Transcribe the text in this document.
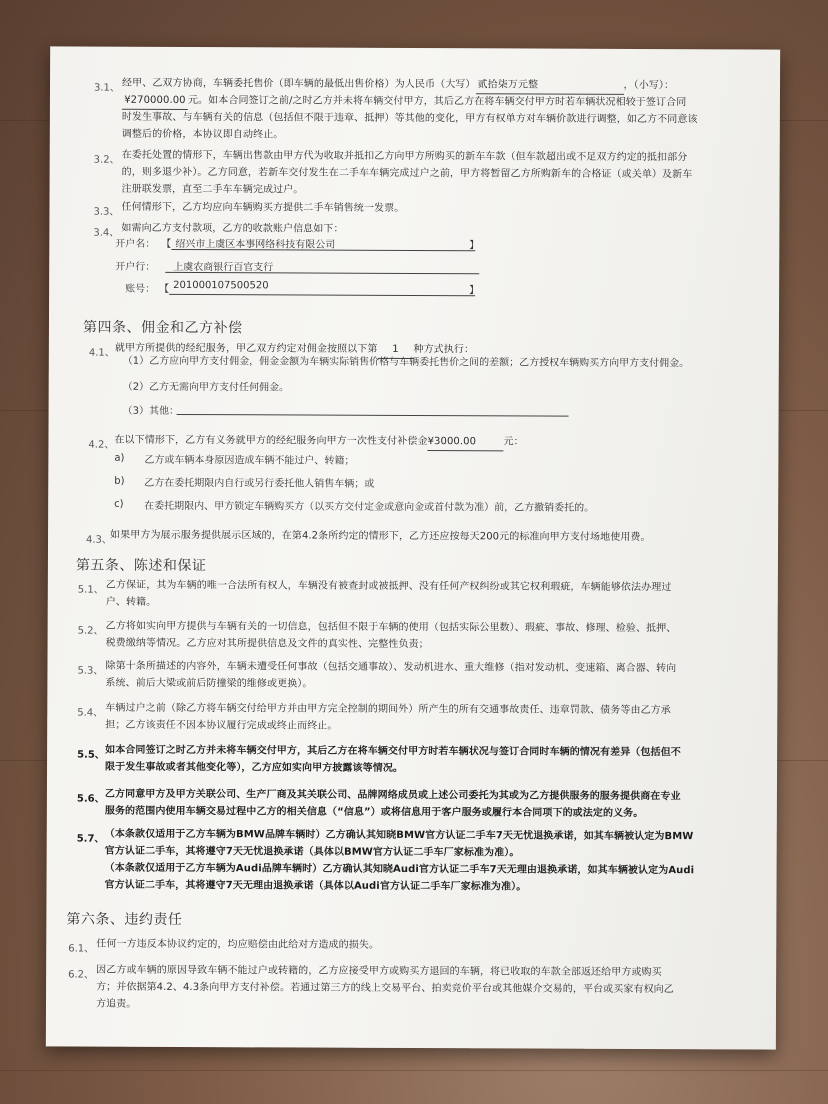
3.1、 经甲、乙双方协商，车辆委托售价（即车辆的最低出售价格）为人民币（大写） 贰拾柒万元整	，（小写）：
¥270000.00 元。如本合同签订之前/之时乙方并未将车辆交付甲方，其后乙方在将车辆交付甲方时若车辆状况相较于签订合同
时发生事故、与车辆有关的信息（包括但不限于违章、抵押）等其他的变化，甲方有权单方对车辆价款进行调整，如乙方不同意该
调整后的价格，本协议即自动终止。
3.2、 在委托处置的情形下，车辆出售款由甲方代为收取并抵扣乙方向甲方所购买的新车车款（但车款超出或不足双方约定的抵扣部分
的，则多退少补）。乙方同意，若新车交付发生在二手车车辆完成过户之前，甲方将暂留乙方所购新车的合格证（或关单）及新车
注册联发票，直至二手车车辆完成过户。
3.3、 任何情形下，乙方均应向车辆购买方提供二手车销售统一发票。
3.4、 如需向乙方支付款项，乙方的收款账户信息如下：
开户名： 【 绍兴市上虞区本事网络科技有限公司	】
开户行： 上虞农商银行百官支行
账号： 【 201000107500520	】
第四条、佣金和乙方补偿
4.1、 就甲方所提供的经纪服务，甲乙双方约定对佣金按照以下第 1 种方式执行：
（1）乙方应向甲方支付佣金，佣金金额为车辆实际销售价格与车辆委托售价之间的差额；乙方授权车辆购买方向甲方支付佣金。
（2）乙方无需向甲方支付任何佣金。
（3）其他：
4.2、 在以下情形下，乙方有义务就甲方的经纪服务向甲方一次性支付补偿金¥3000.00	元：
a) 乙方或车辆本身原因造成车辆不能过户、转籍；
b) 乙方在委托期限内自行或另行委托他人销售车辆；或
c) 在委托期限内、甲方锁定车辆购买方（以买方交付定金或意向金或首付款为准）前，乙方撤销委托的。
4.3、
如果甲方为展示服务提供展示区域的，在第4.2条所约定的情形下，乙方还应按每天200元的标准向甲方支付场地使用费。
第五条、陈述和保证
5.1、 乙方保证，其为车辆的唯一合法所有权人，车辆没有被查封或被抵押、没有任何产权纠纷或其它权利瑕疵，车辆能够依法办理过
户、转籍。
5.2、 乙方将如实向甲方提供与车辆有关的一切信息，包括但不限于车辆的使用（包括实际公里数）、瑕疵、事故、修理、检验、抵押、
税费缴纳等情况。乙方应对其所提供信息及文件的真实性、完整性负责；
5.3、 除第十条所描述的内容外，车辆未遭受任何事故（包括交通事故）、发动机进水、重大维修（指对发动机、变速箱、离合器、转向
系统、前后大梁或前后防撞梁的维修或更换）。
5.4、 车辆过户之前（除乙方将车辆交付给甲方并由甲方完全控制的期间外）所产生的所有交通事故责任、违章罚款、债务等由乙方承
担；乙方该责任不因本协议履行完成或终止而终止。
5.5、 如本合同签订之时乙方并未将车辆交付甲方，其后乙方在将车辆交付甲方时若车辆状况与签订合同时车辆的情况有差异（包括但不
限于发生事故或者其他变化等），乙方应如实向甲方披露该等情况。
5.6、 乙方同意甲方及甲方关联公司、生产厂商及其关联公司、品牌网络成员或上述公司委托为其或为乙方提供服务的服务提供商在专业
服务的范围内使用车辆交易过程中乙方的相关信息（“信息”）或将信息用于客户服务或履行本合同项下的或法定的义务。
5.7、 （本条款仅适用于乙方车辆为BMW品牌车辆时）乙方确认其知晓BMW官方认证二手车7天无忧退换承诺，如其车辆被认定为BMW
官方认证二手车，其将遵守7天无忧退换承诺（具体以BMW官方认证二手车厂家标准为准）。
（本条款仅适用于乙方车辆为Audi品牌车辆时）乙方确认其知晓Audi官方认证二手车7天无理由退换承诺，如其车辆被认定为Audi
官方认证二手车，其将遵守7天无理由退换承诺（具体以Audi官方认证二手车厂家标准为准）。
第六条、违约责任
6.1、 任何一方违反本协议约定的，均应赔偿由此给对方造成的损失。
6.2、 因乙方或车辆的原因导致车辆不能过户或转籍的，乙方应接受甲方或购买方退回的车辆，将已收取的车款全部返还给甲方或购买
方；并依据第4.2、4.3条向甲方支付补偿。若通过第三方的线上交易平台、拍卖竞价平台或其他媒介交易的，平台或买家有权向乙
方追责。
